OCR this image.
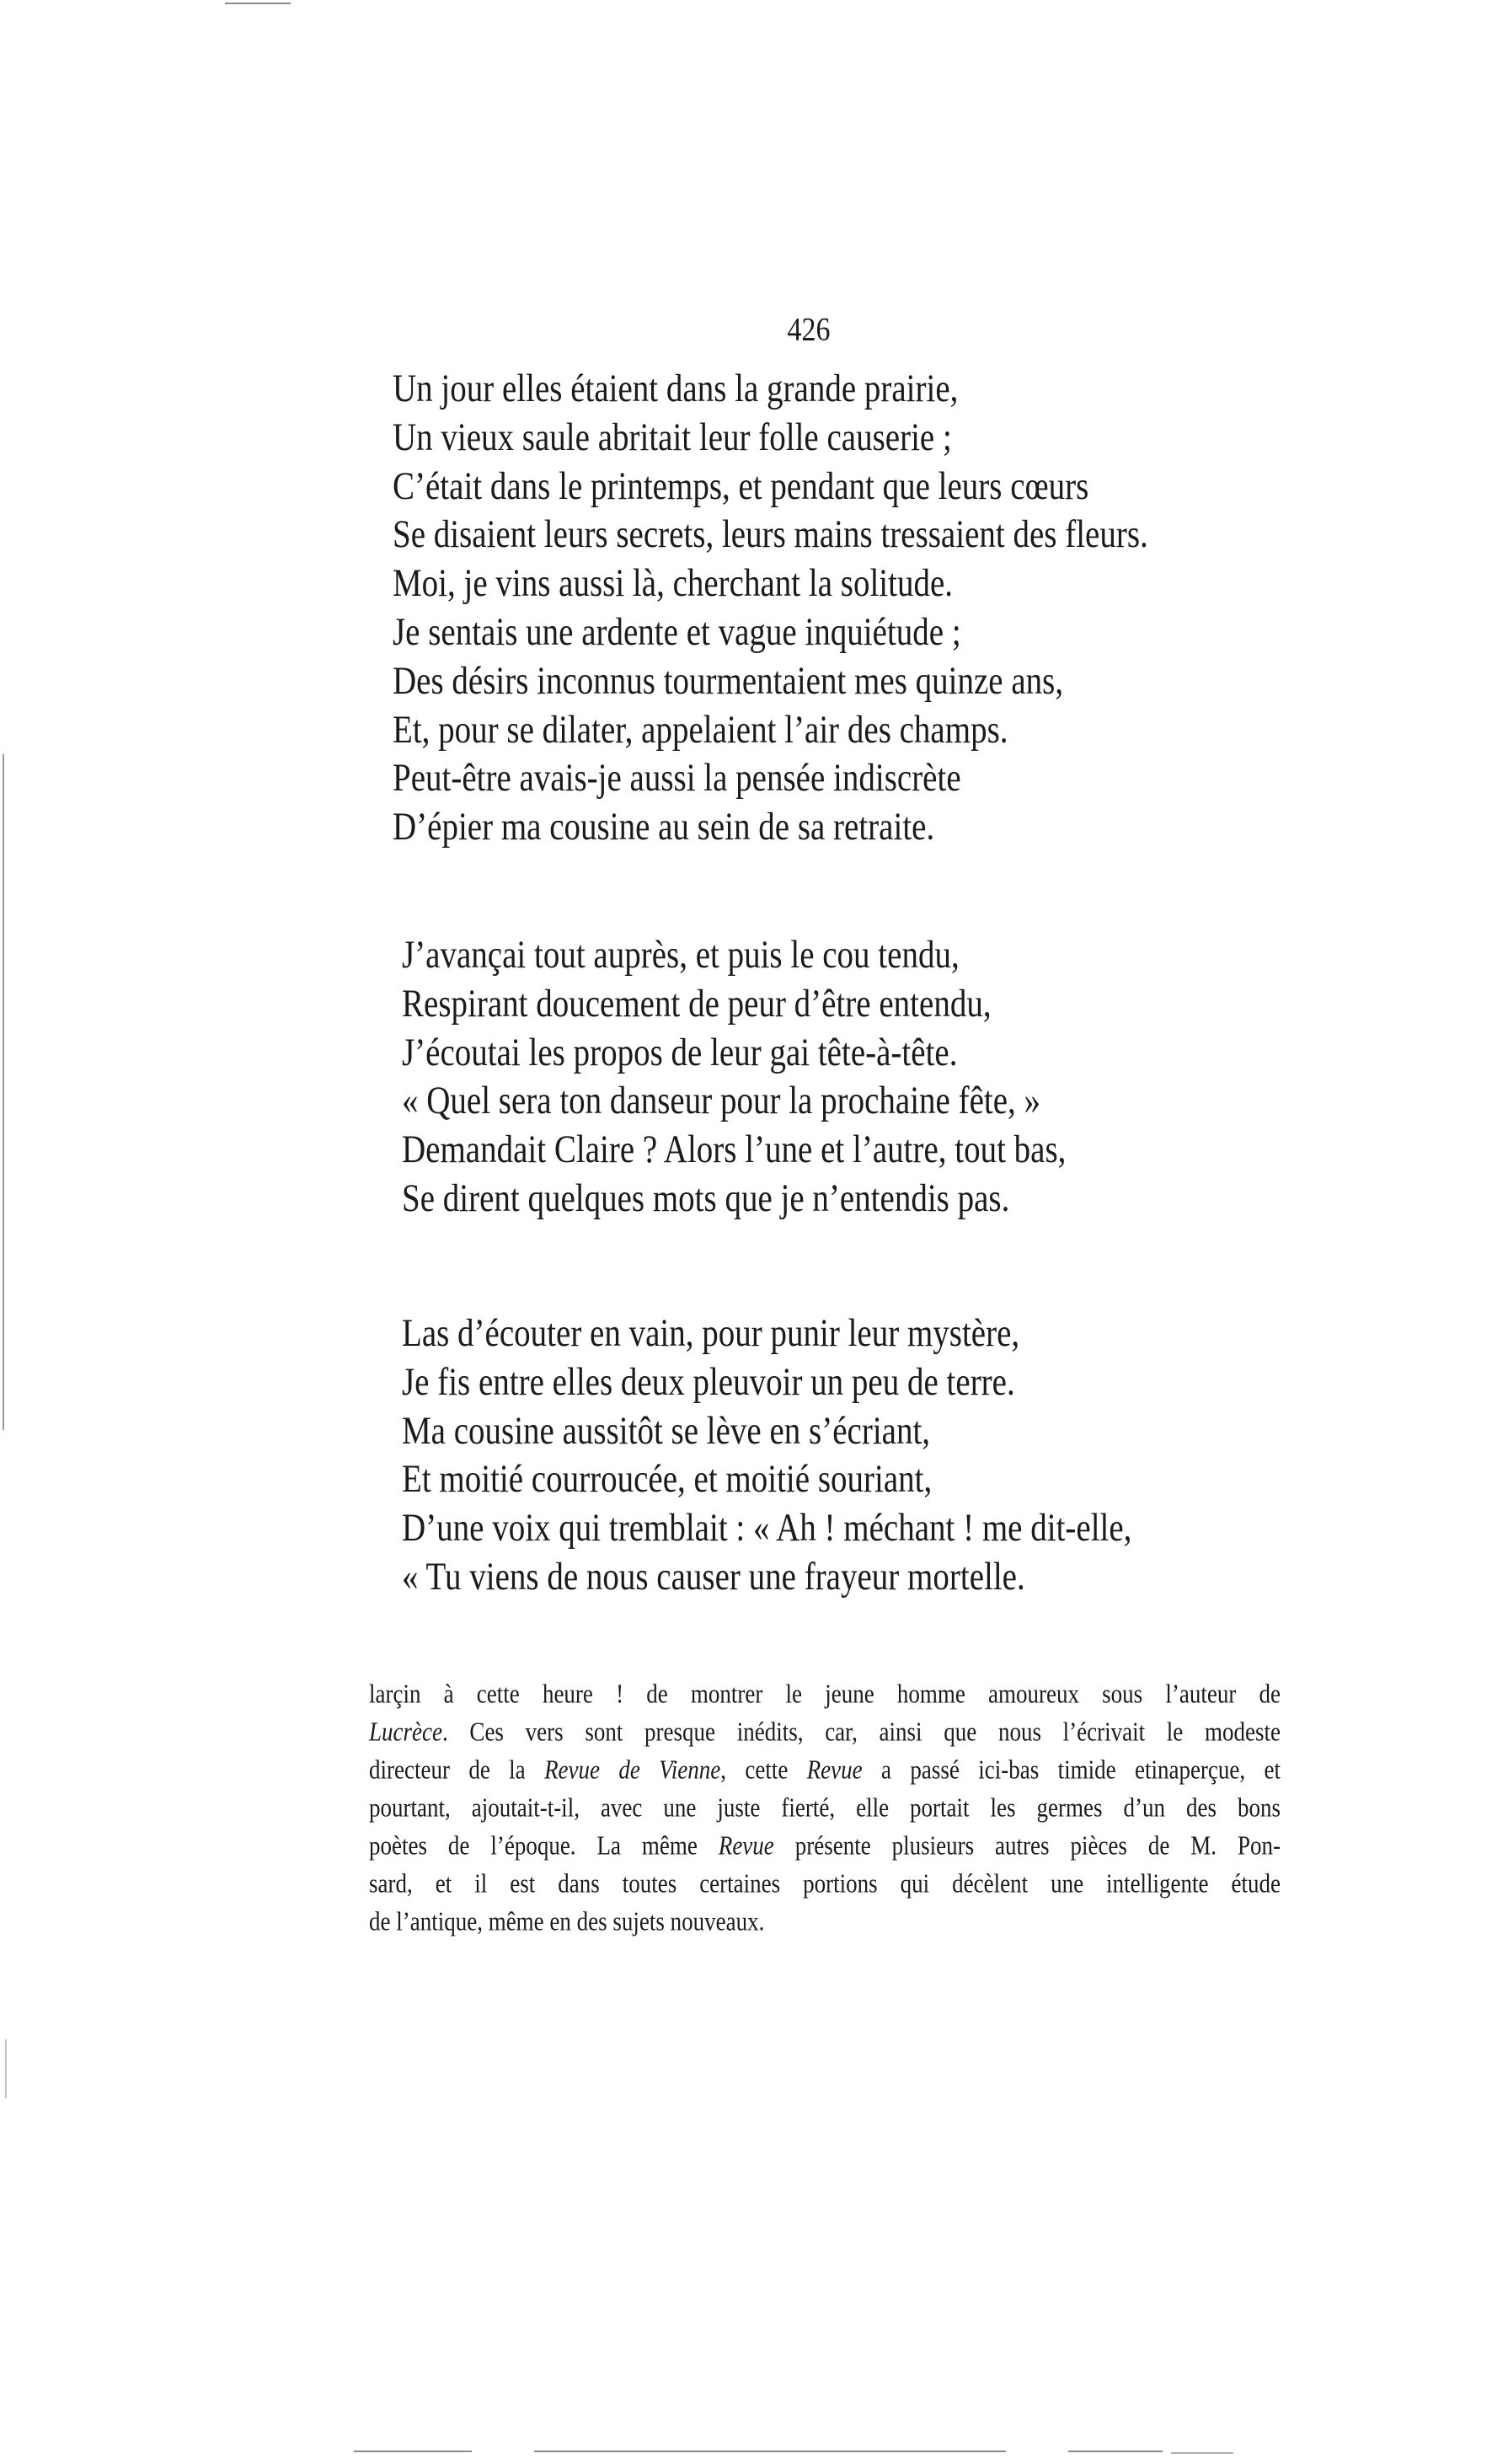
426
Un jour elles étaient dans la grande prairie,
Un vieux saule abritait leur folle causerie ;
C’était dans le printemps, et pendant que leurs cœurs
Se disaient leurs secrets, leurs mains tressaient des fleurs.
Moi, je vins aussi là, cherchant la solitude.
Je sentais une ardente et vague inquiétude ;
Des désirs inconnus tourmentaient mes quinze ans,
Et, pour se dilater, appelaient l’air des champs.
Peut-être avais-je aussi la pensée indiscrète
D’épier ma cousine au sein de sa retraite.
J’avançai tout auprès, et puis le cou tendu,
Respirant doucement de peur d’être entendu,
J’écoutai les propos de leur gai tête-à-tête.
« Quel sera ton danseur pour la prochaine fête, »
Demandait Claire ? Alors l’une et l’autre, tout bas,
Se dirent quelques mots que je n’entendis pas.
Las d’écouter en vain, pour punir leur mystère,
Je fis entre elles deux pleuvoir un peu de terre.
Ma cousine aussitôt se lève en s’écriant,
Et moitié courroucée, et moitié souriant,
D’une voix qui tremblait : « Ah ! méchant ! me dit-elle,
« Tu viens de nous causer une frayeur mortelle.
larçin à cette heure ! de montrer le jeune homme amoureux sous l’auteur de
Lucrèce. Ces vers sont presque inédits, car, ainsi que nous l’écrivait le modeste
directeur de la Revue de Vienne, cette Revue a passé ici-bas timide etinaperçue, et
pourtant, ajoutait-t-il, avec une juste fierté, elle portait les germes d’un des bons
poètes de l’époque. La même Revue présente plusieurs autres pièces de M. Pon-
sard, et il est dans toutes certaines portions qui décèlent une intelligente étude
de l’antique, même en des sujets nouveaux.
